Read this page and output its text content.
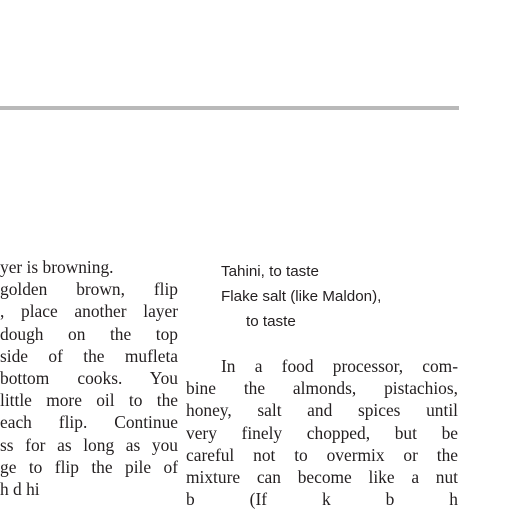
yer is browning.
golden brown, flip
, place another layer
dough on the top
side of the mufleta
bottom cooks. You
little more oil to the
each flip. Continue
ss for as long as you
ge to flip the pile of
h d hi
Tahini, to taste
Flake salt (like Maldon),
to taste
In a food processor, com-
bine the almonds, pistachios,
honey, salt and spices until
very finely chopped, but be
careful not to overmix or the
mixture can become like a nut
b (If k b h
